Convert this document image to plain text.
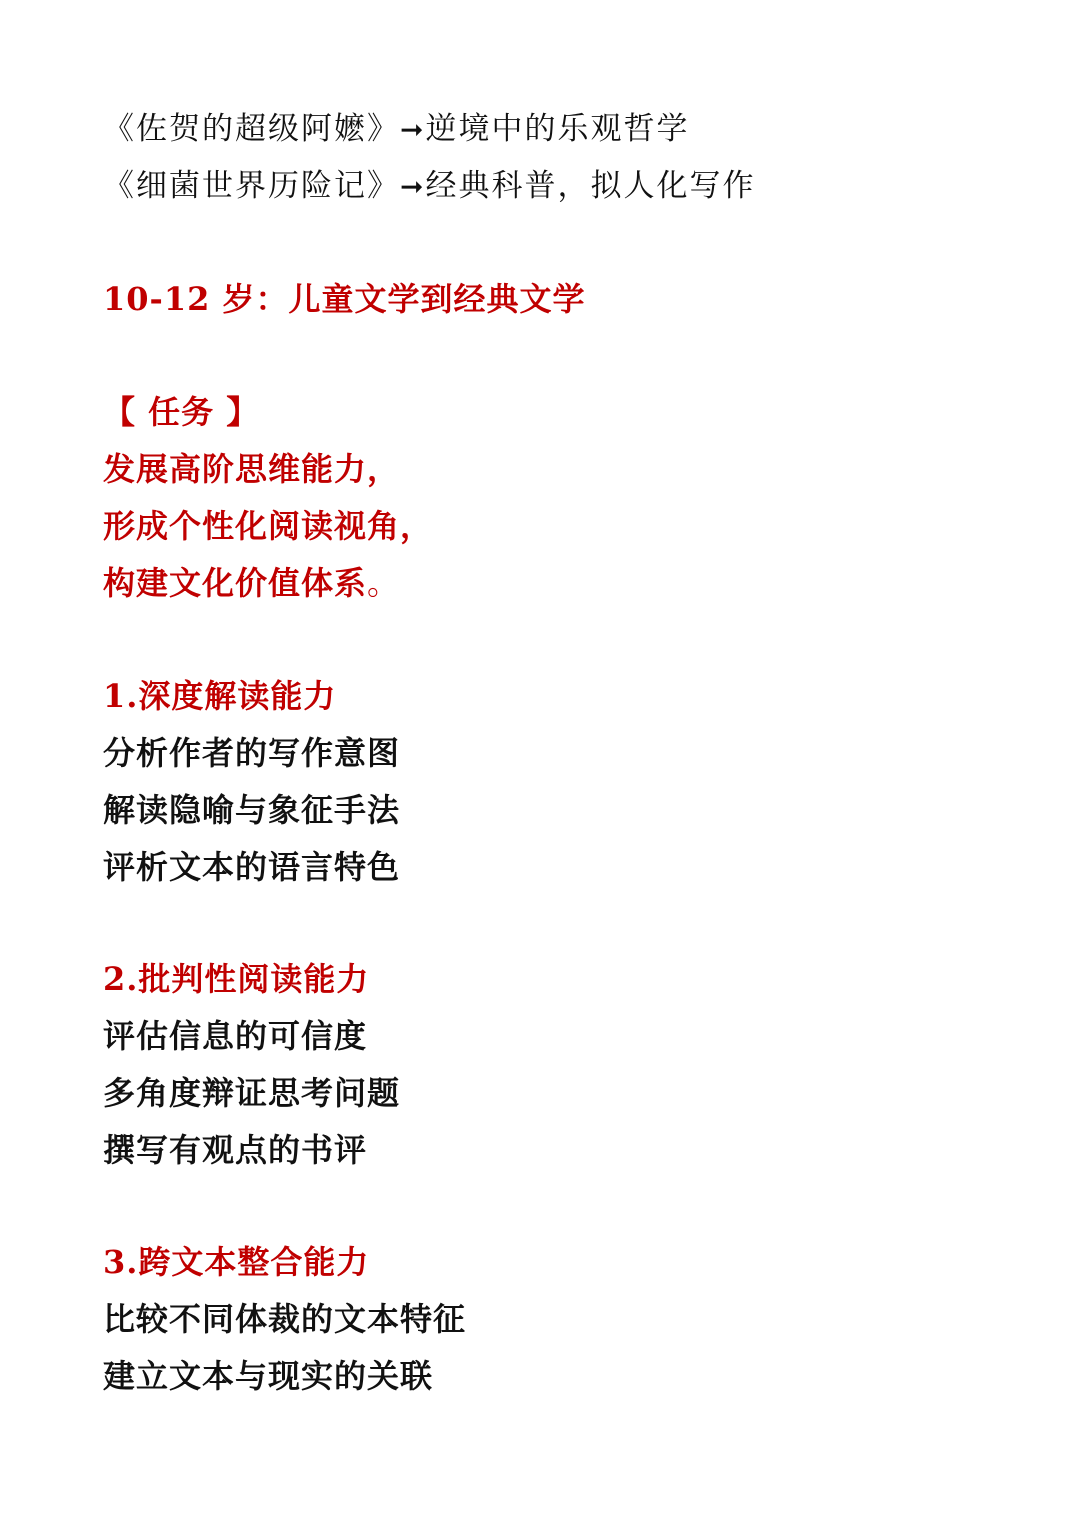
《佐贺的超级阿嬷》➞逆境中的乐观哲学
《细菌世界历险记》➞经典科普，拟人化写作
10-12 岁：儿童文学到经典文学
【 任务 】
发展高阶思维能力，
形成个性化阅读视角，
构建文化价值体系。
1.深度解读能力
分析作者的写作意图
解读隐喻与象征手法
评析文本的语言特色
2.批判性阅读能力
评估信息的可信度
多角度辩证思考问题
撰写有观点的书评
3.跨文本整合能力
比较不同体裁的文本特征
建立文本与现实的关联
